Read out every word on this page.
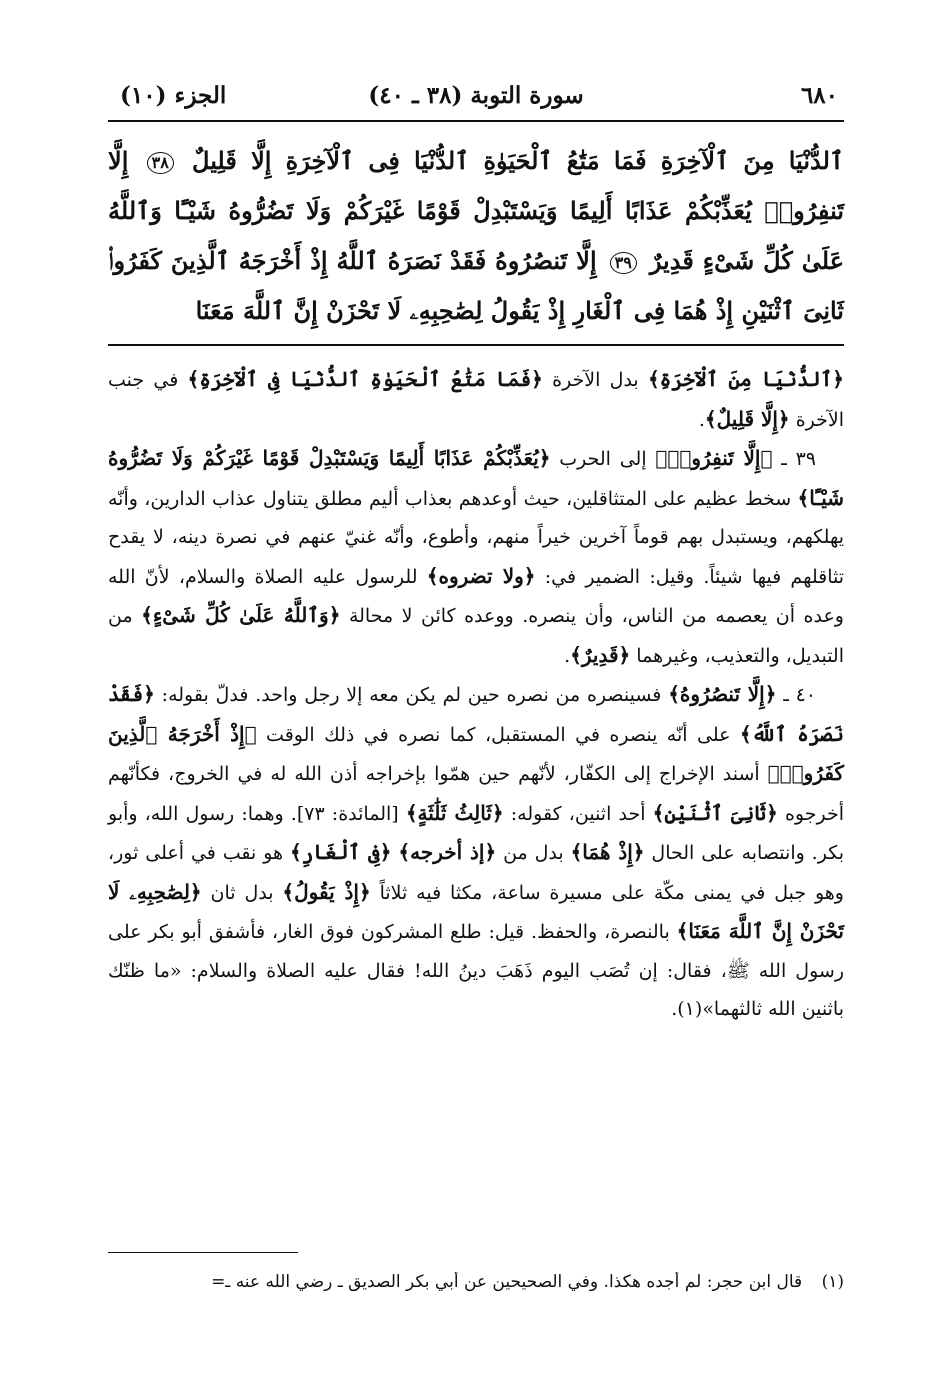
٦٨٠
سورة التوبة (٣٨ ـ ٤٠)
الجزء (١٠)
ٱلدُّنْيَا مِنَ ٱلْآخِرَةِ فَمَا مَتَٰعُ ٱلْحَيَوٰةِ ٱلدُّنْيَا فِى ٱلْآخِرَةِ إِلَّا قَلِيلٌ ٣٨ إِلَّا تَنفِرُوا۟ يُعَذِّبْكُمْ عَذَابًا أَلِيمًا وَيَسْتَبْدِلْ قَوْمًا غَيْرَكُمْ وَلَا تَضُرُّوهُ شَيْـًٔا وَٱللَّهُ عَلَىٰ كُلِّ شَىْءٍ قَدِيرٌ ٣٩ إِلَّا تَنصُرُوهُ فَقَدْ نَصَرَهُ ٱللَّهُ إِذْ أَخْرَجَهُ ٱلَّذِينَ كَفَرُوا۟ ثَانِىَ ٱثْنَيْنِ إِذْ هُمَا فِى ٱلْغَارِ إِذْ يَقُولُ لِصَٰحِبِهِۦ لَا تَحْزَنْ إِنَّ ٱللَّهَ مَعَنَا

﴿ٱلدُّنْيَا مِنَ ٱلْآخِرَةِ﴾ بدل الآخرة ﴿فَمَا مَتَٰعُ ٱلْحَيَوٰةِ ٱلدُّنْيَا فِى ٱلْآخِرَةِ﴾ في جنب الآخرة ﴿إِلَّا قَلِيلٌ﴾.

٣٩ ـ ﴿إِلَّا تَنفِرُوا۟﴾ إلى الحرب ﴿يُعَذِّبْكُمْ عَذَابًا أَلِيمًا وَيَسْتَبْدِلْ قَوْمًا غَيْرَكُمْ وَلَا تَضُرُّوهُ شَيْـًٔا﴾ سخط عظيم على المتثاقلين، حيث أوعدهم بعذاب أليم مطلق يتناول عذاب الدارين، وأنّه يهلكهم، ويستبدل بهم قوماً آخرين خيراً منهم، وأطوع، وأنّه غنيّ عنهم في نصرة دينه، لا يقدح تثاقلهم فيها شيئاً. وقيل: الضمير في: ﴿ولا تضروه﴾ للرسول عليه الصلاة والسلام، لأنّ الله وعده أن يعصمه من الناس، وأن ينصره. ووعده كائن لا محالة ﴿وَٱللَّهُ عَلَىٰ كُلِّ شَىْءٍ﴾ من التبديل، والتعذيب، وغيرهما ﴿قَدِيرٌ﴾.

٤٠ ـ ﴿إِلَّا تَنصُرُوهُ﴾ فسينصره من نصره حين لم يكن معه إلا رجل واحد. فدلّ بقوله: ﴿فَقَدْ نَصَرَهُ ٱللَّهُ﴾ على أنّه ينصره في المستقبل، كما نصره في ذلك الوقت ﴿إِذْ أَخْرَجَهُ ٱلَّذِينَ كَفَرُوا۟﴾ أسند الإخراج إلى الكفّار، لأنّهم حين همّوا بإخراجه أذن الله له في الخروج، فكأنّهم أخرجوه ﴿ثَانِىَ ٱثْنَيْنِ﴾ أحد اثنين، كقوله: ﴿ثَالِثُ ثَلَٰثَةٍ﴾ [المائدة: ٧٣]. وهما: رسول الله، وأبو بكر. وانتصابه على الحال ﴿إِذْ هُمَا﴾ بدل من ﴿إذ أخرجه﴾ ﴿فِى ٱلْغَارِ﴾ هو نقب في أعلى ثور، وهو جبل في يمنى مكّة على مسيرة ساعة، مكثا فيه ثلاثاً ﴿إِذْ يَقُولُ﴾ بدل ثان ﴿لِصَٰحِبِهِۦ لَا تَحْزَنْ إِنَّ ٱللَّهَ مَعَنَا﴾ بالنصرة، والحفظ. قيل: طلع المشركون فوق الغار، فأشفق أبو بكر على رسول الله ﷺ، فقال: إن تُصَب اليوم ذَهَبَ دينُ الله! فقال عليه الصلاة والسلام: «ما ظنّك باثنين الله ثالثهما»(١).

(١) قال ابن حجر: لم أجده هكذا. وفي الصحيحين عن أبي بكر الصديق ـ رضي الله عنه ـ=
